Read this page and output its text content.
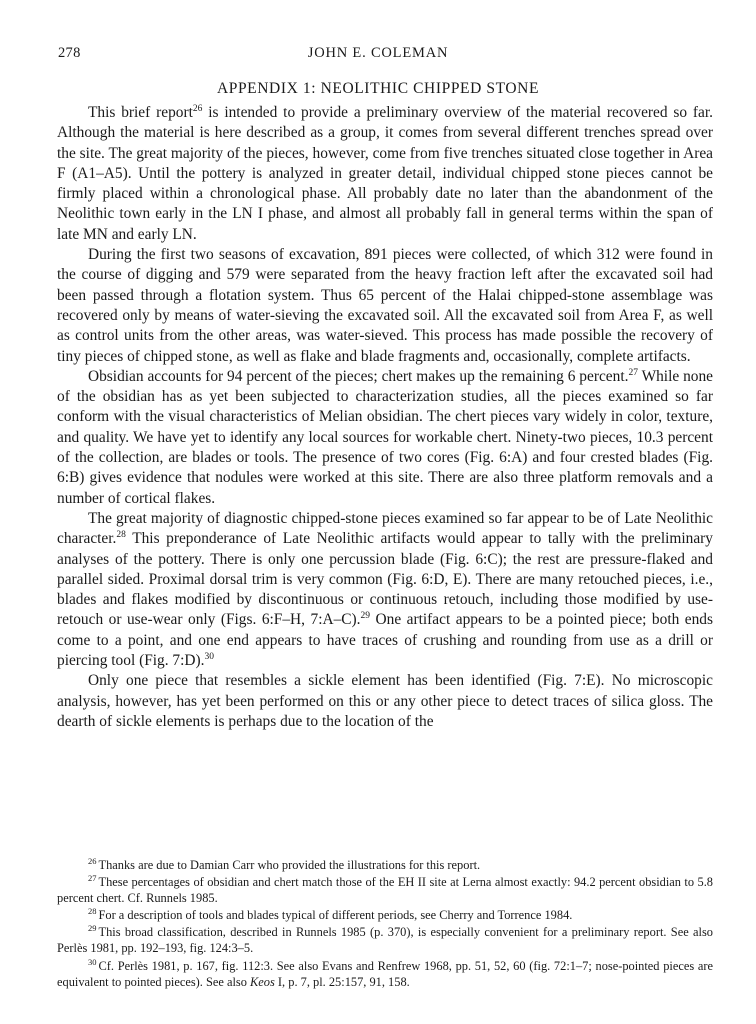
278	JOHN E. COLEMAN
APPENDIX 1: NEOLITHIC CHIPPED STONE

This brief report$^{26}$ is intended to provide a preliminary overview of the material recovered so far. Although the material is here described as a group, it comes from several different trenches spread over the site. The great majority of the pieces, however, come from five trenches situated close together in Area F (A1–A5). Until the pottery is analyzed in greater detail, individual chipped stone pieces cannot be firmly placed within a chronological phase. All probably date no later than the abandonment of the Neolithic town early in the LN I phase, and almost all probably fall in general terms within the span of late MN and early LN.

During the first two seasons of excavation, 891 pieces were collected, of which 312 were found in the course of digging and 579 were separated from the heavy fraction left after the excavated soil had been passed through a flotation system. Thus 65 percent of the Halai chipped-stone assemblage was recovered only by means of water-sieving the excavated soil. All the excavated soil from Area F, as well as control units from the other areas, was water-sieved. This process has made possible the recovery of tiny pieces of chipped stone, as well as flake and blade fragments and, occasionally, complete artifacts.

Obsidian accounts for 94 percent of the pieces; chert makes up the remaining 6 percent.$^{27}$ While none of the obsidian has as yet been subjected to characterization studies, all the pieces examined so far conform with the visual characteristics of Melian obsidian. The chert pieces vary widely in color, texture, and quality. We have yet to identify any local sources for workable chert. Ninety-two pieces, 10.3 percent of the collection, are blades or tools. The presence of two cores (Fig. 6:A) and four crested blades (Fig. 6:B) gives evidence that nodules were worked at this site. There are also three platform removals and a number of cortical flakes.

The great majority of diagnostic chipped-stone pieces examined so far appear to be of Late Neolithic character.$^{28}$ This preponderance of Late Neolithic artifacts would appear to tally with the preliminary analyses of the pottery. There is only one percussion blade (Fig. 6:C); the rest are pressure-flaked and parallel sided. Proximal dorsal trim is very common (Fig. 6:D, E). There are many retouched pieces, i.e., blades and flakes modified by discontinuous or continuous retouch, including those modified by use-retouch or use-wear only (Figs. 6:F–H, 7:A–C).$^{29}$ One artifact appears to be a pointed piece; both ends come to a point, and one end appears to have traces of crushing and rounding from use as a drill or piercing tool (Fig. 7:D).$^{30}$

Only one piece that resembles a sickle element has been identified (Fig. 7:E). No microscopic analysis, however, has yet been performed on this or any other piece to detect traces of silica gloss. The dearth of sickle elements is perhaps due to the location of the

$^{26}$ Thanks are due to Damian Carr who provided the illustrations for this report.

$^{27}$ These percentages of obsidian and chert match those of the EH II site at Lerna almost exactly: 94.2 percent obsidian to 5.8 percent chert. Cf. Runnels 1985.

$^{28}$ For a description of tools and blades typical of different periods, see Cherry and Torrence 1984.

$^{29}$ This broad classification, described in Runnels 1985 (p. 370), is especially convenient for a preliminary report. See also Perlès 1981, pp. 192–193, fig. 124:3–5.

$^{30}$ Cf. Perlès 1981, p. 167, fig. 112:3. See also Evans and Renfrew 1968, pp. 51, 52, 60 (fig. 72:1–7; nose-pointed pieces are equivalent to pointed pieces). See also Keos I, p. 7, pl. 25:157, 91, 158.
